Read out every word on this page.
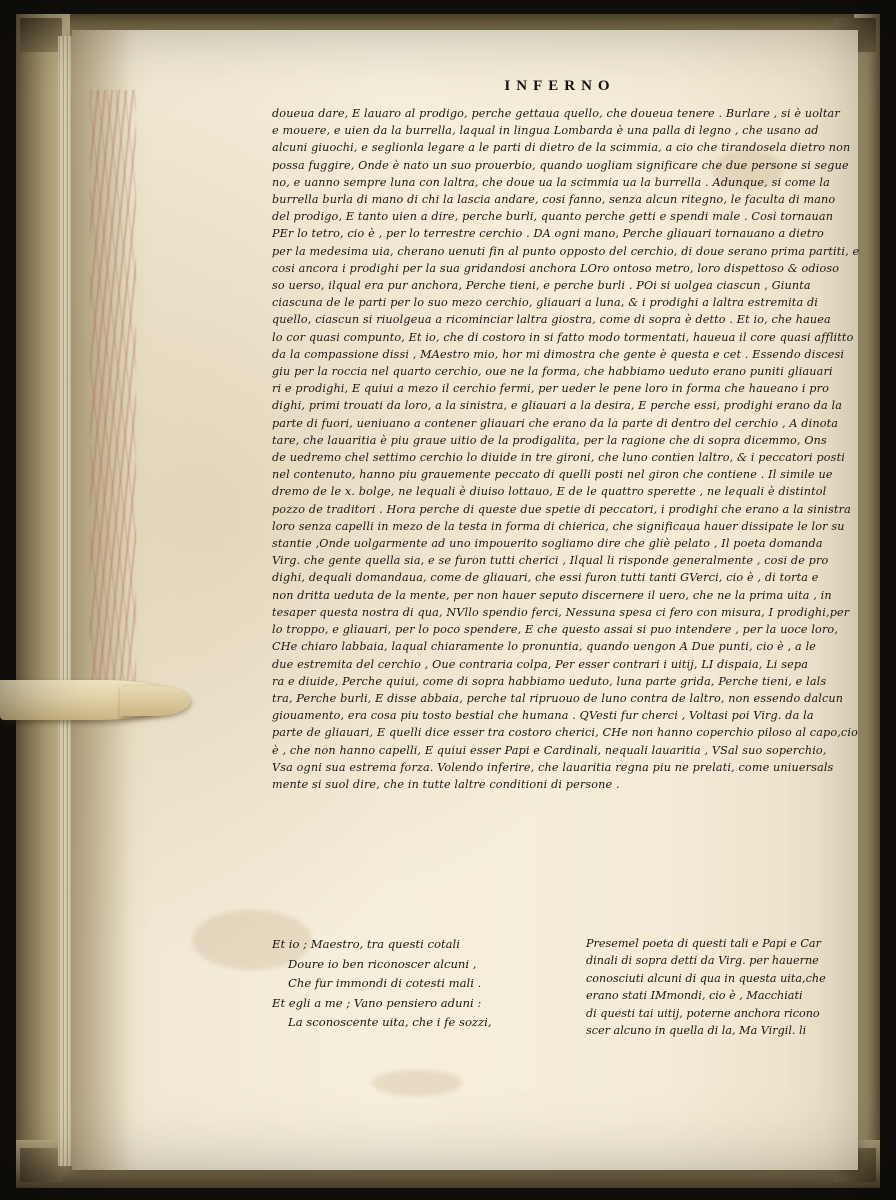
INFERNO
doueua dare, E lauaro al prodigo, perche gettaua quello, che doueua tenere . Burlare , si è uoltar
e mouere, e uien da la burrella, laqual in lingua Lombarda è una palla di legno , che usano ad
alcuni giuochi, e seglionla legare a le parti di dietro de la scimmia, a cio che tirandosela dietro non
possa fuggire, Onde è nato un suo prouerbio, quando uogliam significare che due persone si segue
no, e uanno sempre luna con laltra, che doue ua la scimmia ua la burrella . Adunque, si come la
burrella burla di mano di chi la lascia andare, cosi fanno, senza alcun ritegno, le faculta di mano
del prodigo, E tanto uien a dire, perche burli, quanto perche getti e spendi male . Cosi tornauan
PEr lo tetro, cio è , per lo terrestre cerchio . DA ogni mano, Perche gliauari tornauano a dietro
per la medesima uia, cherano uenuti fin al punto opposto del cerchio, di doue serano prima partiti, e
cosi ancora i prodighi per la sua gridandosi anchora LOro ontoso metro, loro dispettoso & odioso
so uerso, ilqual era pur anchora, Perche tieni, e perche burli . POi si uolgea ciascun , Giunta
ciascuna de le parti per lo suo mezo cerchio, gliauari a luna, & i prodighi a laltra estremita di
quello, ciascun si riuolgeua a ricominciar laltra giostra, come di sopra è detto . Et io, che hauea
lo cor quasi compunto, Et io, che di costoro in si fatto modo tormentati, haueua il core quasi afflitto
da la compassione dissi , MAestro mio, hor mi dimostra che gente è questa e cet . Essendo discesi
giu per la roccia nel quarto cerchio, oue ne la forma, che habbiamo ueduto erano puniti gliauari
ri e prodighi, E quiui a mezo il cerchio fermi, per ueder le pene loro in forma che haueano i pro
dighi, primi trouati da loro, a la sinistra, e gliauari a la desira, E perche essi, prodighi erano da la
parte di fuori, ueniuano a contener gliauari che erano da la parte di dentro del cerchio , A dinota
tare, che lauaritia è piu graue uitio de la prodigalita, per la ragione che di sopra dicemmo, Ons
de uedremo chel settimo cerchio lo diuide in tre gironi, che luno contien laltro, & i peccatori posti
nel contenuto, hanno piu grauemente peccato di quelli posti nel giron che contiene . Il simile ue
dremo de le x. bolge, ne lequali è diuiso lottauo, E de le quattro sperette , ne lequali è distintol
pozzo de traditori . Hora perche di queste due spetie di peccatori, i prodighi che erano a la sinistra
loro senza capelli in mezo de la testa in forma di chierica, che significaua hauer dissipate le lor su
stantie ,Onde uolgarmente ad uno impouerito sogliamo dire che gliè pelato , Il poeta domanda
Virg. che gente quella sia, e se furon tutti cherici , Ilqual li risponde generalmente , cosi de pro
dighi, dequali domandaua, come de gliauari, che essi furon tutti tanti GVerci, cio è , di torta e
non dritta ueduta de la mente, per non hauer seputo discernere il uero, che ne la prima uita , in
tesaper questa nostra di qua, NVllo spendio ferci, Nessuna spesa ci fero con misura, I prodighi,per
lo troppo, e gliauari, per lo poco spendere, E che questo assai si puo intendere , per la uoce loro,
CHe chiaro labbaia, laqual chiaramente lo pronuntia, quando uengon A Due punti, cio è , a le
due estremita del cerchio , Oue contraria colpa, Per esser contrari i uitij, LI dispaia, Li sepa
ra e diuide, Perche quiui, come di sopra habbiamo ueduto, luna parte grida, Perche tieni, e lals
tra, Perche burli, E disse abbaia, perche tal ripruouo de luno contra de laltro, non essendo dalcun
giouamento, era cosa piu tosto bestial che humana . QVesti fur cherci , Voltasi poi Virg. da la
parte de gliauari, E quelli dice esser tra costoro cherici, CHe non hanno coperchio piloso al capo,cio
è , che non hanno capelli, E quiui esser Papi e Cardinali, nequali lauaritia , VSal suo soperchio,
Vsa ogni sua estrema forza. Volendo inferire, che lauaritia regna piu ne prelati, come uniuersals
mente si suol dire, che in tutte laltre conditioni di persone .
Et io ; Maestro, tra questi cotali
Doure io ben riconoscer alcuni ,
Che fur immondi di cotesti mali .
Et egli a me ; Vano pensiero aduni :
La sconoscente uita, che i fe sozzi,
Presemel poeta di questi tali e Papi e Car
dinali di sopra detti da Virg. per hauerne
conosciuti alcuni di qua in questa uita,che
erano stati IMmondi, cio è , Macchiati
di questi tai uitij, poterne anchora ricono
scer alcuno in quella di la, Ma Virgil. li
